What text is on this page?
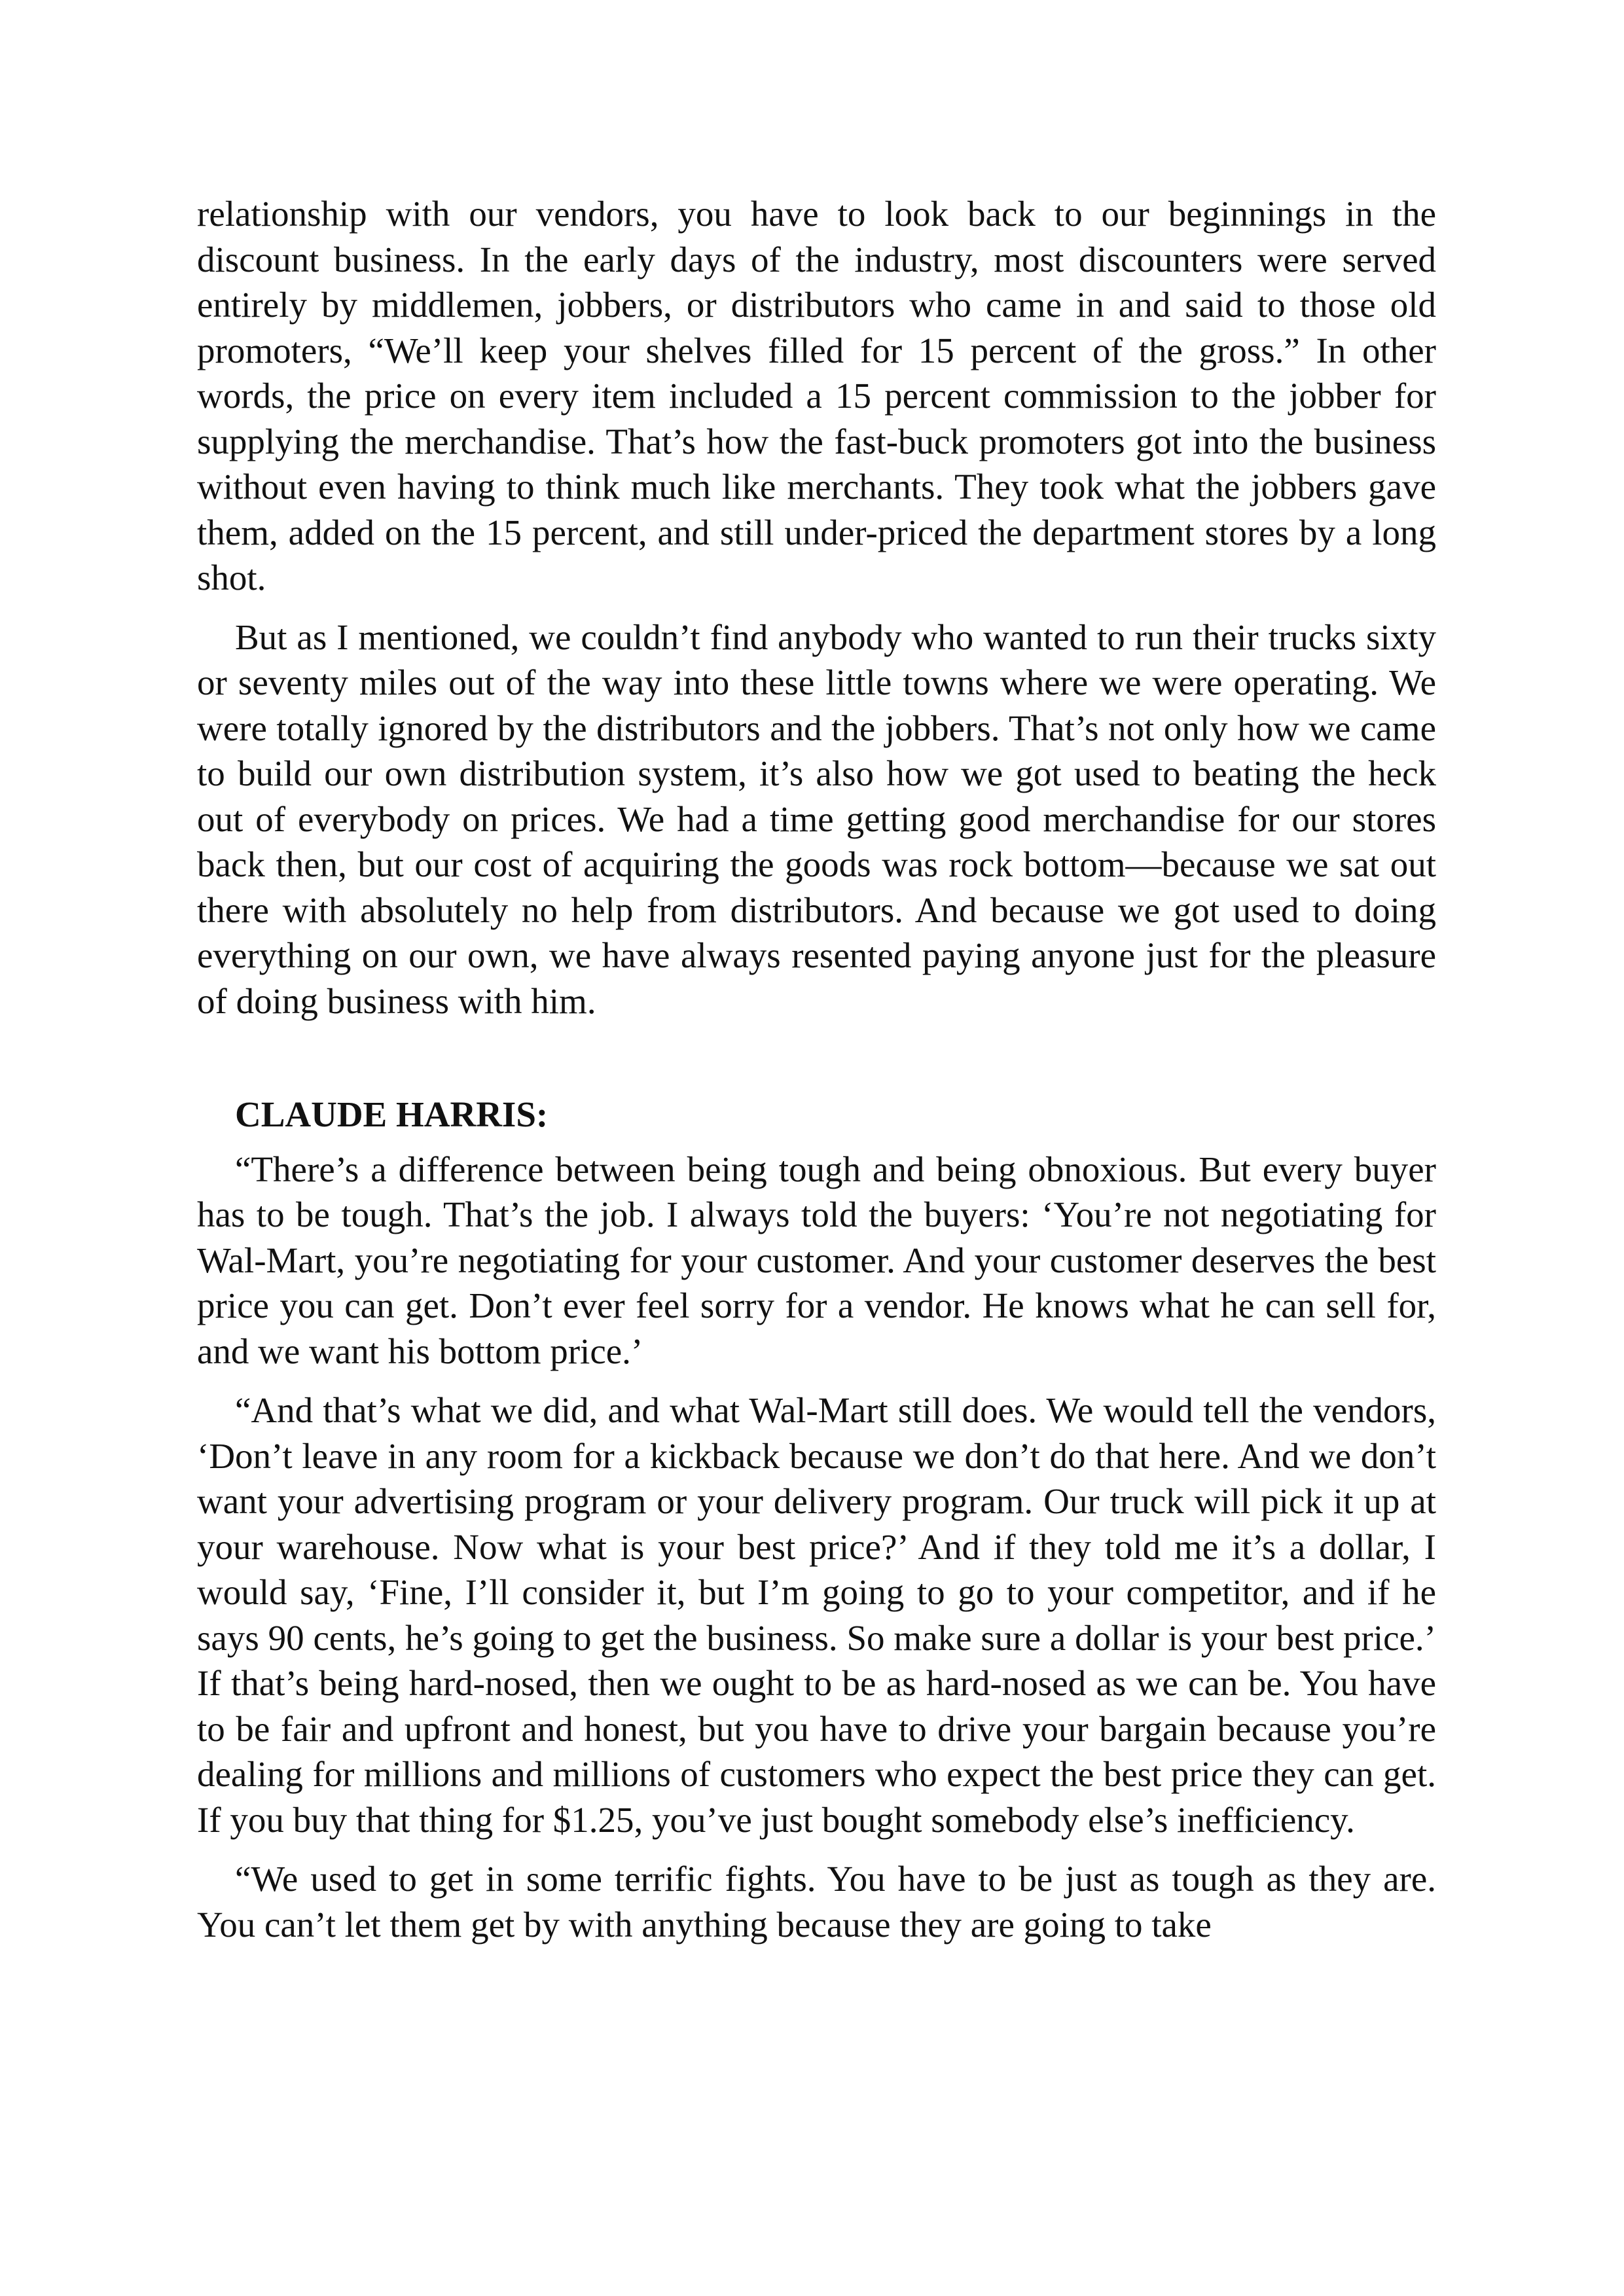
relationship with our vendors, you have to look back to our beginnings in the discount business. In the early days of the industry, most discounters were served entirely by middlemen, jobbers, or distributors who came in and said to those old promoters, “We’ll keep your shelves filled for 15 percent of the gross.” In other words, the price on every item included a 15 percent commission to the jobber for supplying the merchandise. That’s how the fast-buck promoters got into the business without even having to think much like merchants. They took what the jobbers gave them, added on the 15 percent, and still under-priced the department stores by a long shot.

But as I mentioned, we couldn’t find anybody who wanted to run their trucks sixty or seventy miles out of the way into these little towns where we were operating. We were totally ignored by the distributors and the jobbers. That’s not only how we came to build our own distribution system, it’s also how we got used to beating the heck out of everybody on prices. We had a time getting good merchandise for our stores back then, but our cost of acquiring the goods was rock bottom—because we sat out there with absolutely no help from distributors. And because we got used to doing everything on our own, we have always resented paying anyone just for the pleasure of doing business with him.

CLAUDE HARRIS:

“There’s a difference between being tough and being obnoxious. But every buyer has to be tough. That’s the job. I always told the buyers: ‘You’re not negotiating for Wal-Mart, you’re negotiating for your customer. And your customer deserves the best price you can get. Don’t ever feel sorry for a vendor. He knows what he can sell for, and we want his bottom price.’

“And that’s what we did, and what Wal-Mart still does. We would tell the vendors, ‘Don’t leave in any room for a kickback because we don’t do that here. And we don’t want your advertising program or your delivery program. Our truck will pick it up at your warehouse. Now what is your best price?’ And if they told me it’s a dollar, I would say, ‘Fine, I’ll consider it, but I’m going to go to your competitor, and if he says 90 cents, he’s going to get the business. So make sure a dollar is your best price.’ If that’s being hard-nosed, then we ought to be as hard-nosed as we can be. You have to be fair and upfront and honest, but you have to drive your bargain because you’re dealing for millions and millions of customers who expect the best price they can get. If you buy that thing for $1.25, you’ve just bought somebody else’s inefficiency.

“We used to get in some terrific fights. You have to be just as tough as they are. You can’t let them get by with anything because they are going to take
